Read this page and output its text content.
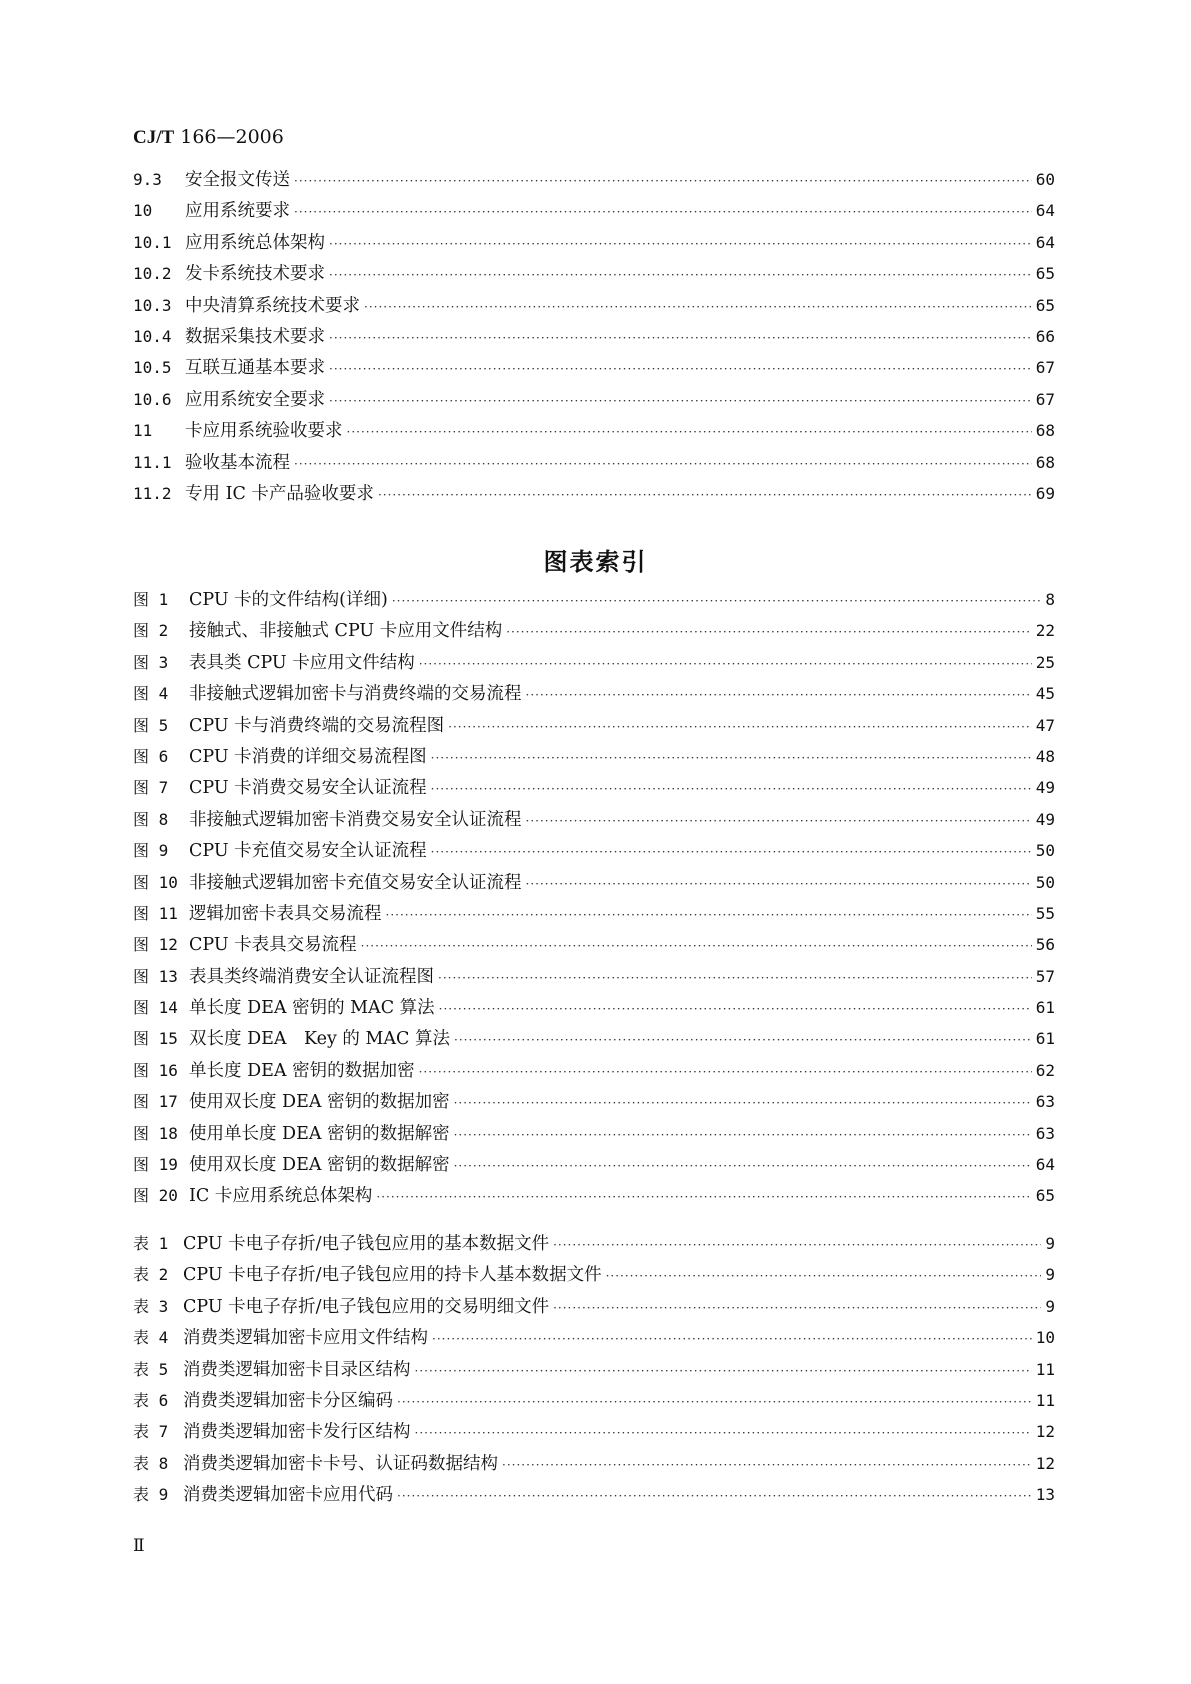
CJ/T 166—2006
9.3	安全报文传送 ·····	60
10	应用系统要求 ·····	64
10.1 应用系统总体架构 ·····	64
10.2 发卡系统技术要求 ·····	65
10.3 中央清算系统技术要求 ·····	65
10.4 数据采集技术要求 ·····	66
10.5 互联互通基本要求 ·····	67
10.6 应用系统安全要求 ·····	67
11	卡应用系统验收要求 ·····	68
11.1 验收基本流程 ·····	68
11.2 专用 IC 卡产品验收要求 ·····	69
图表索引
图 1	CPU 卡的文件结构(详细) ·····	8
图 2	接触式、非接触式 CPU 卡应用文件结构 ·····	22
图 3	表具类 CPU 卡应用文件结构 ·····	25
图 4	非接触式逻辑加密卡与消费终端的交易流程 ·····	45
图 5	CPU 卡与消费终端的交易流程图 ·····	47
图 6	CPU 卡消费的详细交易流程图 ·····	48
图 7	CPU 卡消费交易安全认证流程 ·····	49
图 8	非接触式逻辑加密卡消费交易安全认证流程 ·····	49
图 9	CPU 卡充值交易安全认证流程 ·····	50
图 10 非接触式逻辑加密卡充值交易安全认证流程 ·····	50
图 11 逻辑加密卡表具交易流程 ·····	55
图 12 CPU 卡表具交易流程 ·····	56
图 13 表具类终端消费安全认证流程图 ·····	57
图 14 单长度 DEA 密钥的 MAC 算法 ·····	61
图 15 双长度 DEA　Key 的 MAC 算法 ·····	61
图 16 单长度 DEA 密钥的数据加密 ·····	62
图 17 使用双长度 DEA 密钥的数据加密 ·····	63
图 18 使用单长度 DEA 密钥的数据解密 ·····	63
图 19 使用双长度 DEA 密钥的数据解密 ·····	64
图 20 IC 卡应用系统总体架构 ·····	65
表 1 CPU 卡电子存折/电子钱包应用的基本数据文件 ·····	9
表 2 CPU 卡电子存折/电子钱包应用的持卡人基本数据文件 ·····	9
表 3 CPU 卡电子存折/电子钱包应用的交易明细文件 ·····	9
表 4 消费类逻辑加密卡应用文件结构 ·····	10
表 5 消费类逻辑加密卡目录区结构 ·····	11
表 6 消费类逻辑加密卡分区编码 ·····	11
表 7 消费类逻辑加密卡发行区结构 ·····	12
表 8 消费类逻辑加密卡卡号、认证码数据结构 ·····	12
表 9 消费类逻辑加密卡应用代码 ·····	13
Ⅱ
